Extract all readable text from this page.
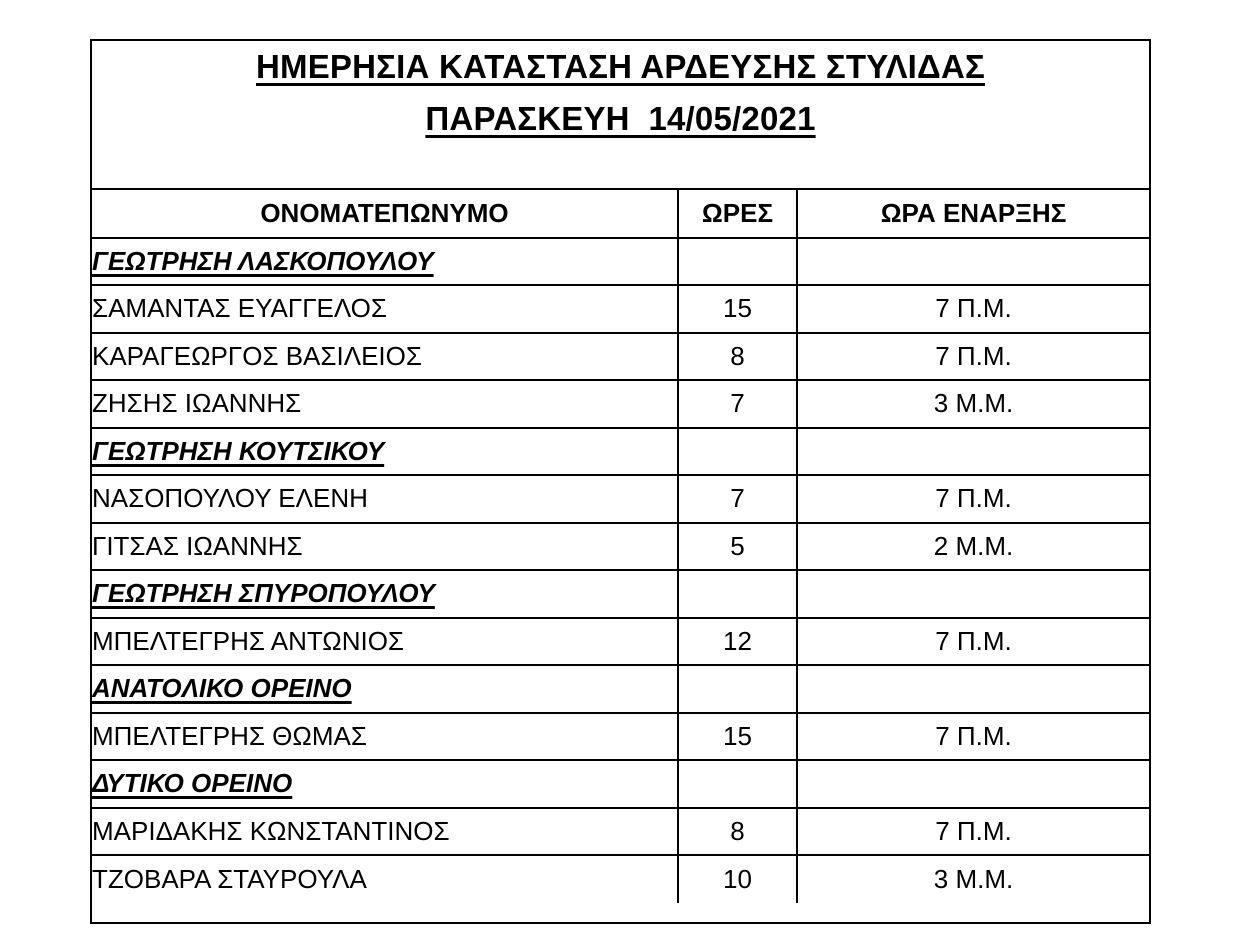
ΗΜΕΡΗΣΙΑ ΚΑΤΑΣΤΑΣΗ ΑΡΔΕΥΣΗΣ ΣΤΥΛΙΔΑΣ
ΠΑΡΑΣΚΕΥΗ  14/05/2021
ΟΝΟΜΑΤΕΠΩΝΥΜΟ	ΩΡΕΣ	ΩΡΑ ΕΝΑΡΞΗΣ
ΓΕΩΤΡΗΣΗ ΛΑΣΚΟΠΟΥΛΟΥ		
ΣΑΜΑΝΤΑΣ ΕΥΑΓΓΕΛΟΣ	15	7 Π.Μ.
ΚΑΡΑΓΕΩΡΓΟΣ ΒΑΣΙΛΕΙΟΣ	8	7 Π.Μ.
ΖΗΣΗΣ ΙΩΑΝΝΗΣ	7	3 Μ.Μ.
ΓΕΩΤΡΗΣΗ ΚΟΥΤΣΙΚΟΥ		
ΝΑΣΟΠΟΥΛΟΥ ΕΛΕΝΗ	7	7 Π.Μ.
ΓΙΤΣΑΣ ΙΩΑΝΝΗΣ	5	2 Μ.Μ.
ΓΕΩΤΡΗΣΗ ΣΠΥΡΟΠΟΥΛΟΥ		
ΜΠΕΛΤΕΓΡΗΣ ΑΝΤΩΝΙΟΣ	12	7 Π.Μ.
ΑΝΑΤΟΛΙΚΟ ΟΡΕΙΝΟ		
ΜΠΕΛΤΕΓΡΗΣ ΘΩΜΑΣ	15	7 Π.Μ.
ΔΥΤΙΚΟ ΟΡΕΙΝΟ		
ΜΑΡΙΔΑΚΗΣ ΚΩΝΣΤΑΝΤΙΝΟΣ	8	7 Π.Μ.
ΤΖΟΒΑΡΑ ΣΤΑΥΡΟΥΛΑ	10	3 Μ.Μ.
